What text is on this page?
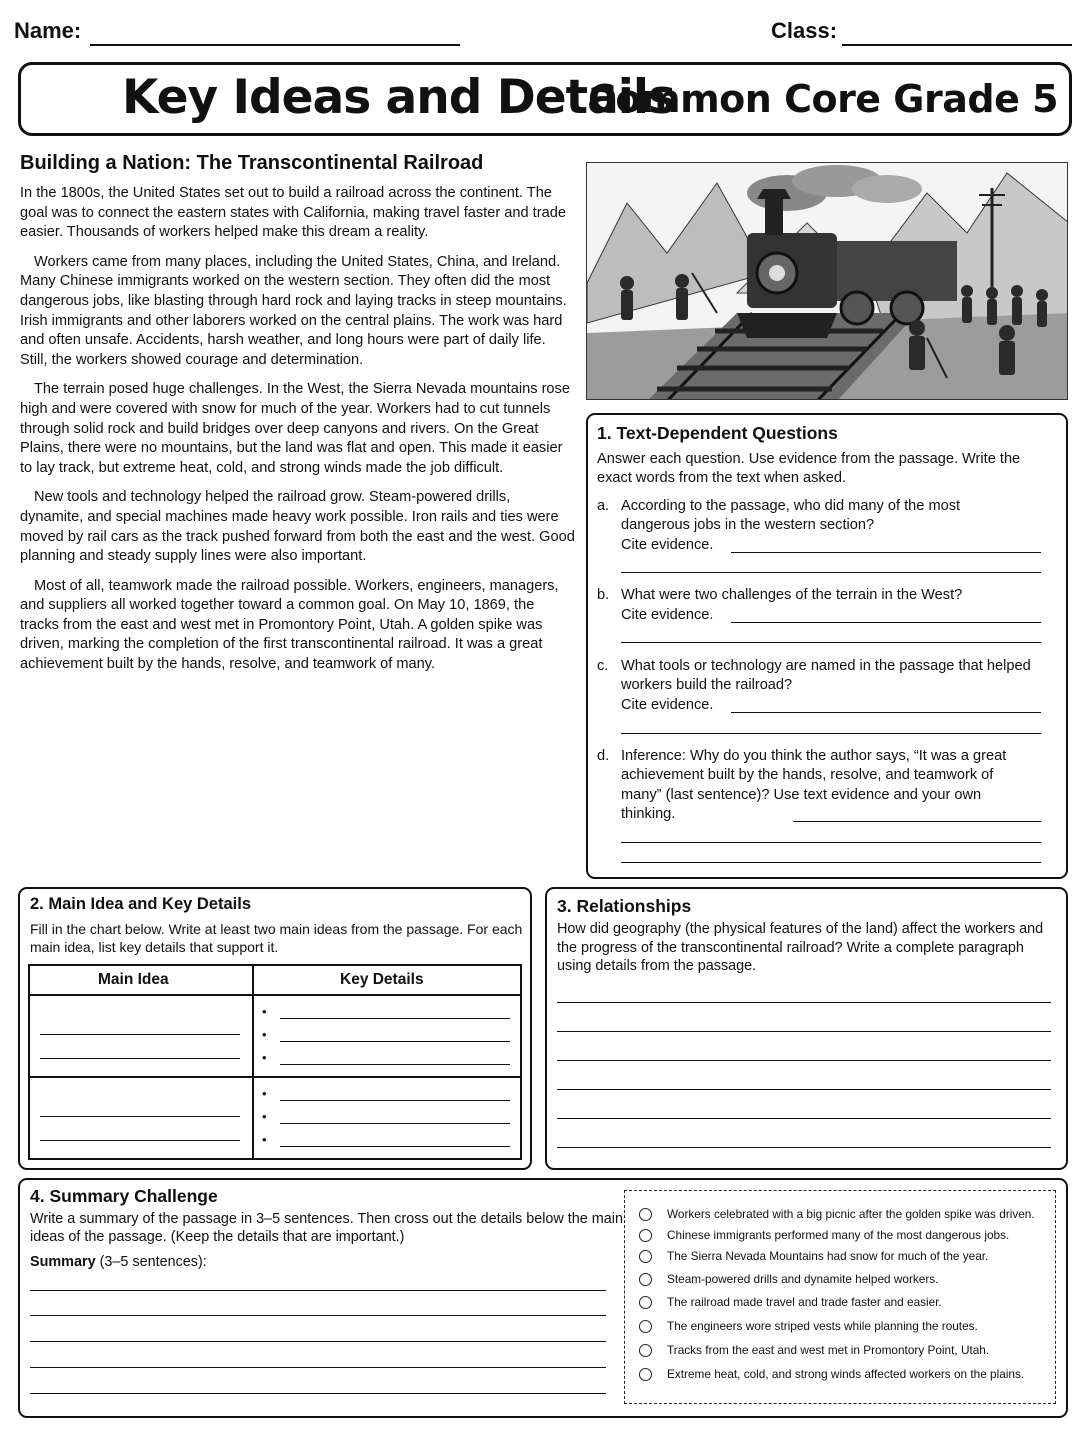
Name:	Class:
Key Ideas and Details
Common Core Grade 5
Building a Nation: The Transcontinental Railroad

In the 1800s, the United States set out to build a railroad across the continent. The goal was to connect the eastern states with California, making travel faster and trade easier. Thousands of workers helped make this dream a reality.

Workers came from many places, including the United States, China, and Ireland. Many Chinese immigrants worked on the western section. They often did the most dangerous jobs, like blasting through hard rock and laying tracks in steep mountains. Irish immigrants and other laborers worked on the central plains. The work was hard and often unsafe. Accidents, harsh weather, and long hours were part of daily life. Still, the workers showed courage and determination.

The terrain posed huge challenges. In the West, the Sierra Nevada mountains rose high and were covered with snow for much of the year. Workers had to cut tunnels through solid rock and build bridges over deep canyons and rivers. On the Great Plains, there were no mountains, but the land was flat and open. This made it easier to lay track, but extreme heat, cold, and strong winds made the job difficult.

New tools and technology helped the railroad grow. Steam-powered drills, dynamite, and special machines made heavy work possible. Iron rails and ties were moved by rail cars as the track pushed forward from both the east and the west. Good planning and steady supply lines were also important.

Most of all, teamwork made the railroad possible. Workers, engineers, managers, and suppliers all worked together toward a common goal. On May 10, 1869, the tracks from the east and west met in Promontory Point, Utah. A golden spike was driven, marking the completion of the first transcontinental railroad. It was a great achievement built by the hands, resolve, and teamwork of many.

1. Text-Dependent Questions
Answer each question. Use evidence from the passage. Write the exact words from the text when asked.
a. According to the passage, who did many of the most dangerous jobs in the western section?
Cite evidence.
b. What were two challenges of the terrain in the West?
Cite evidence.
c. What tools or technology are named in the passage that helped workers build the railroad?
Cite evidence.
d. Inference: Why do you think the author says, “It was a great achievement built by the hands, resolve, and teamwork of many” (last sentence)? Use text evidence and your own thinking.
2. Main Idea and Key Details
Fill in the chart below. Write at least two main ideas from the passage. For each main idea, list key details that support it.
Main Idea	Key Details
•
•
•
•
•
•
3. Relationships
How did geography (the physical features of the land) affect the workers and the progress of the transcontinental railroad? Write a complete paragraph using details from the passage.
4. Summary Challenge
Write a summary of the passage in 3–5 sentences. Then cross out the details below the main ideas of the passage. (Keep the details that are important.)
Summary (3–5 sentences):
Workers celebrated with a big picnic after the golden spike was driven.
Chinese immigrants performed many of the most dangerous jobs.
The Sierra Nevada Mountains had snow for much of the year.
Steam-powered drills and dynamite helped workers.
The railroad made travel and trade faster and easier.
The engineers wore striped vests while planning the routes.
Tracks from the east and west met in Promontory Point, Utah.
Extreme heat, cold, and strong winds affected workers on the plains.
